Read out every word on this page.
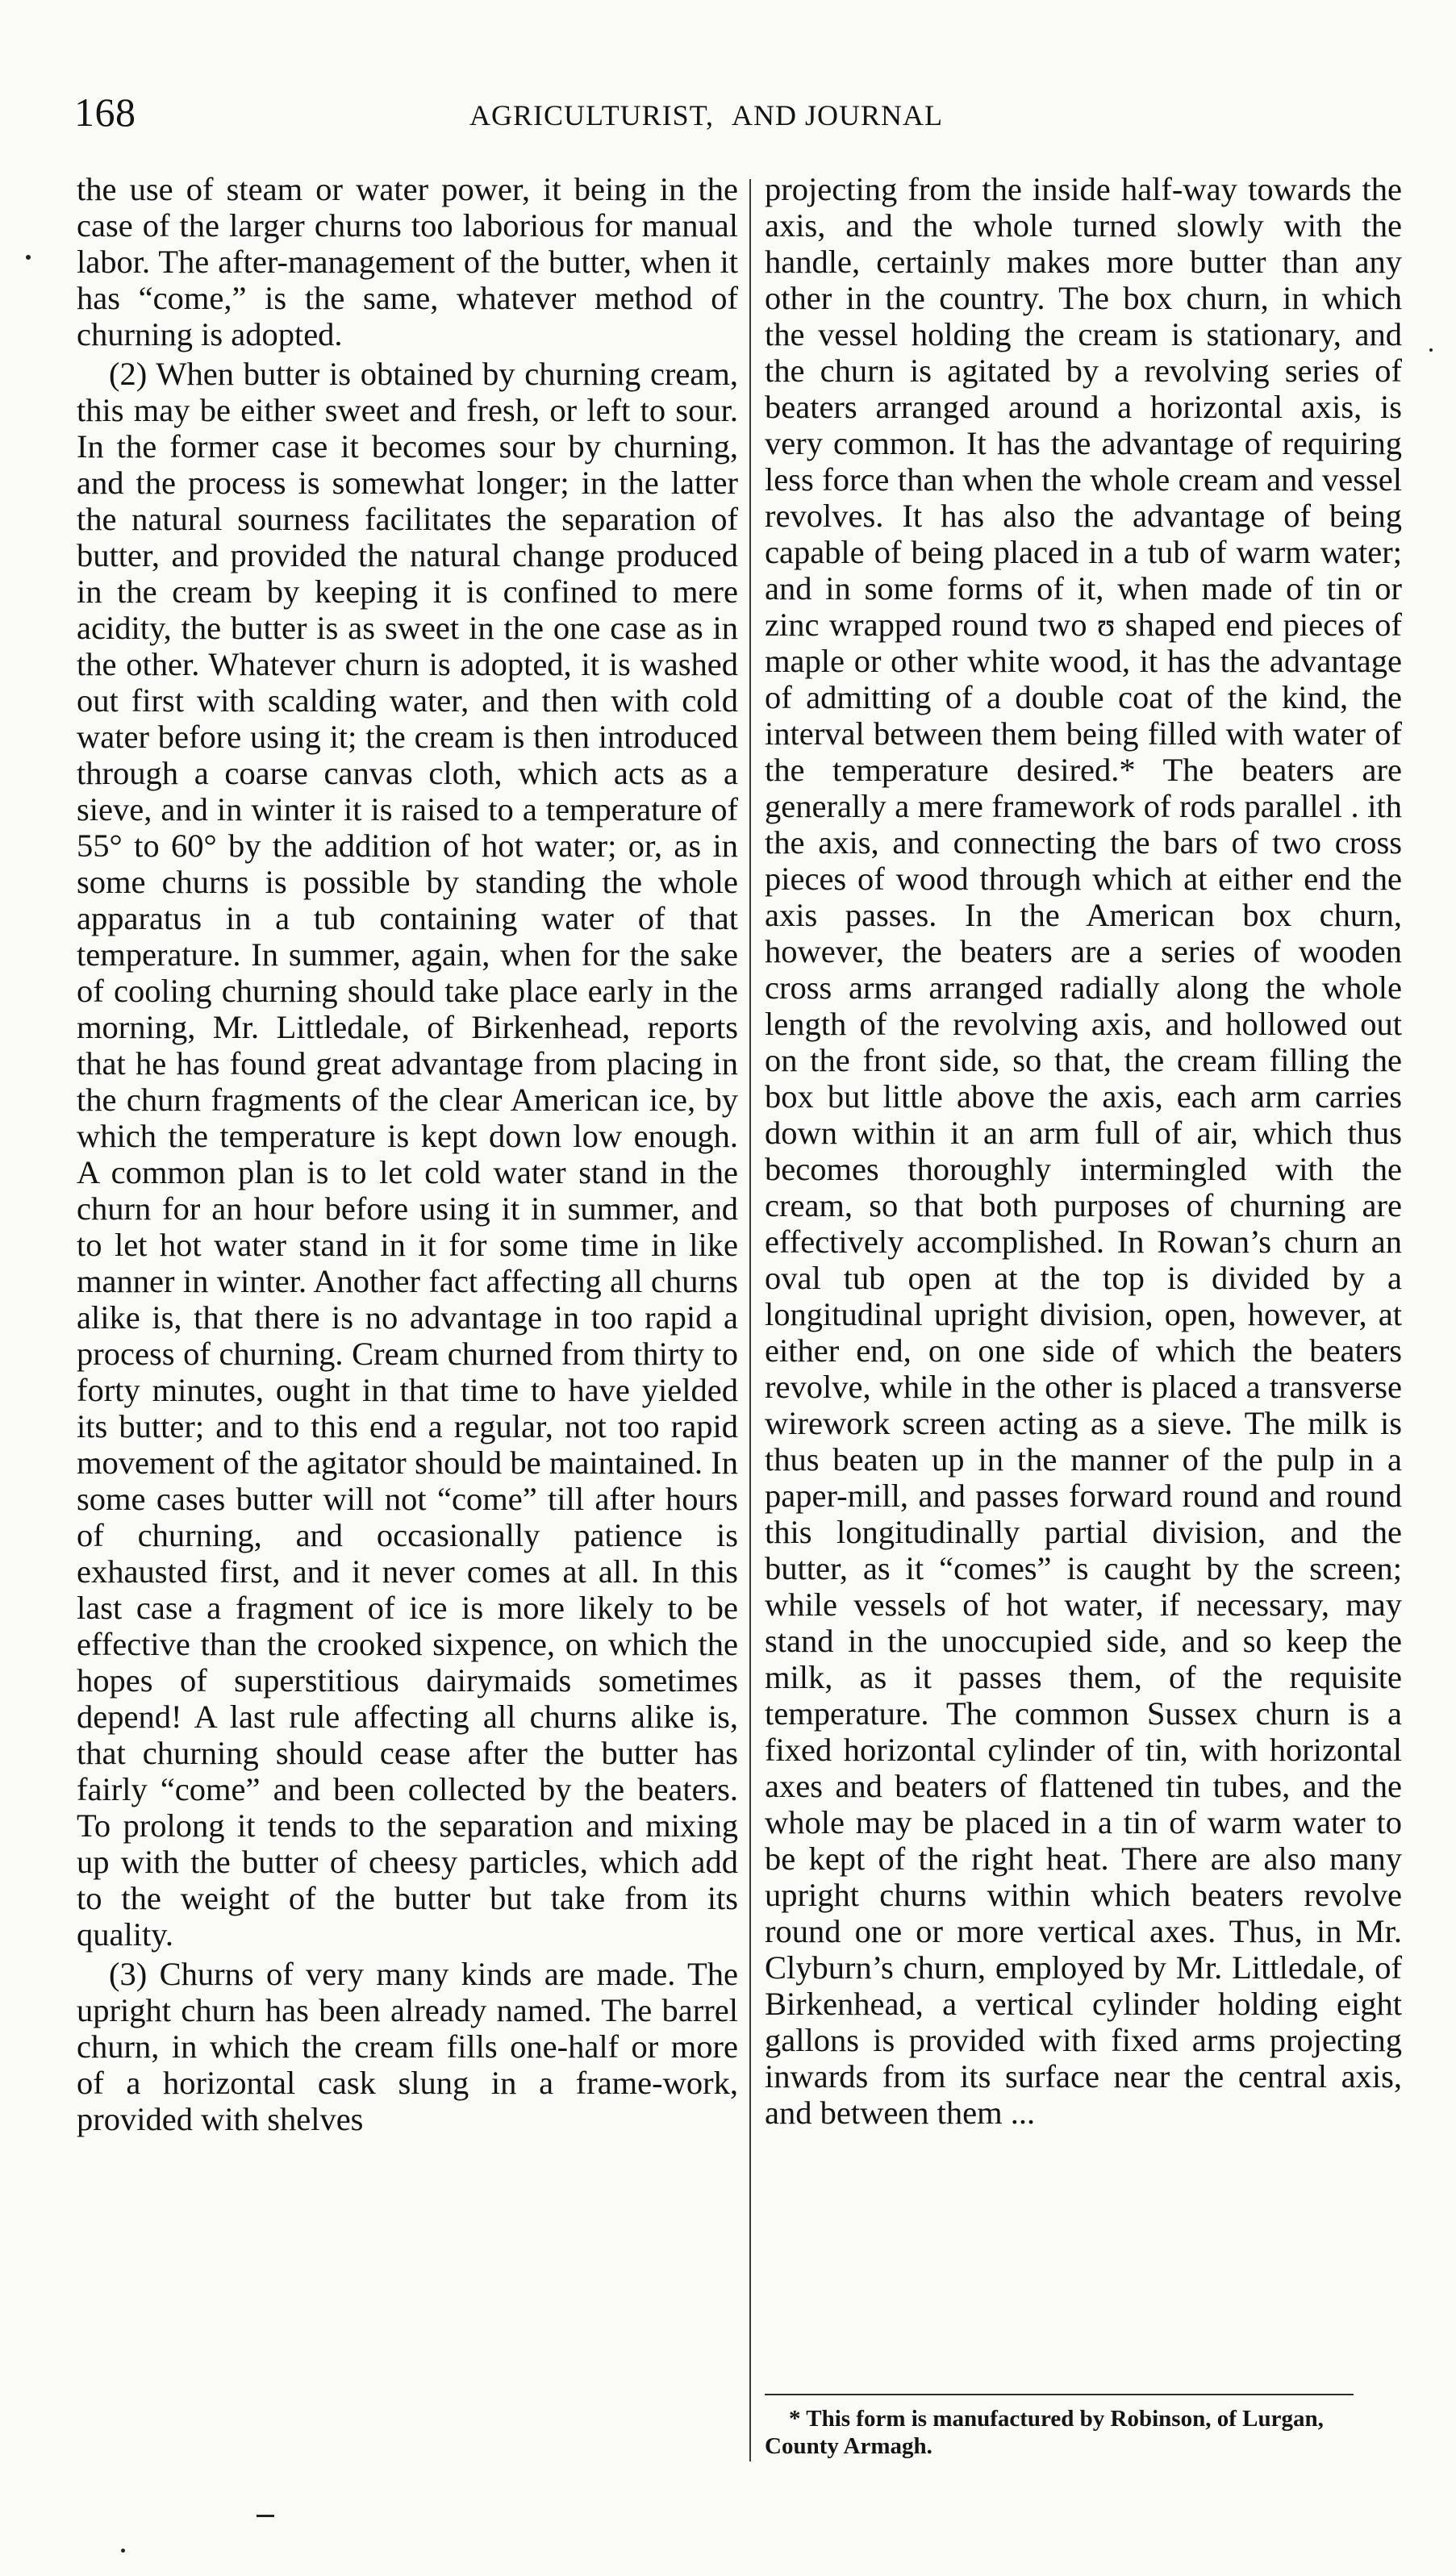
168	AGRICULTURIST, AND JOURNAL

the use of steam or water power, it being in the case of the larger churns too laborious for manual labor. The after-management of the butter, when it has “come,” is the same, whatever method of churning is adopted.

(2) When butter is obtained by churning cream, this may be either sweet and fresh, or left to sour. In the former case it becomes sour by churning, and the process is somewhat longer; in the latter the natural sourness facilitates the separation of butter, and provided the natural change produced in the cream by keeping it is confined to mere acidity, the butter is as sweet in the one case as in the other. Whatever churn is adopted, it is washed out first with scalding water, and then with cold water before using it; the cream is then introduced through a coarse canvas cloth, which acts as a sieve, and in winter it is raised to a temperature of 55° to 60° by the addition of hot water; or, as in some churns is possible by standing the whole apparatus in a tub containing water of that temperature. In summer, again, when for the sake of cooling churning should take place early in the morning, Mr. Littledale, of Birkenhead, reports that he has found great advantage from placing in the churn fragments of the clear American ice, by which the temperature is kept down low enough. A common plan is to let cold water stand in the churn for an hour before using it in summer, and to let hot water stand in it for some time in like manner in winter. Another fact affecting all churns alike is, that there is no advantage in too rapid a process of churning. Cream churned from thirty to forty minutes, ought in that time to have yielded its butter; and to this end a regular, not too rapid movement of the agitator should be maintained. In some cases butter will not “come” till after hours of churning, and occasionally patience is exhausted first, and it never comes at all. In this last case a fragment of ice is more likely to be effective than the crooked sixpence, on which the hopes of superstitious dairymaids sometimes depend! A last rule affecting all churns alike is, that churning should cease after the butter has fairly “come” and been collected by the beaters. To prolong it tends to the separation and mixing up with the butter of cheesy particles, which add to the weight of the butter but take from its quality.

(3) Churns of very many kinds are made. The upright churn has been already named. The barrel churn, in which the cream fills one-half or more of a horizontal cask slung in a frame-work, provided with shelves

projecting from the inside half-way towards the axis, and the whole turned slowly with the handle, certainly makes more butter than any other in the country. The box churn, in which the vessel holding the cream is stationary, and the churn is agitated by a revolving series of beaters arranged around a horizontal axis, is very common. It has the advantage of requiring less force than when the whole cream and vessel revolves. It has also the advantage of being capable of being placed in a tub of warm water; and in some forms of it, when made of tin or zinc wrapped round two ʊ shaped end pieces of maple or other white wood, it has the advantage of admitting of a double coat of the kind, the interval between them being filled with water of the temperature desired.* The beaters are generally a mere framework of rods parallel . ith the axis, and connecting the bars of two cross pieces of wood through which at either end the axis passes. In the American box churn, however, the beaters are a series of wooden cross arms arranged radially along the whole length of the revolving axis, and hollowed out on the front side, so that, the cream filling the box but little above the axis, each arm carries down within it an arm full of air, which thus becomes thoroughly intermingled with the cream, so that both purposes of churning are effectively accomplished. In Rowan’s churn an oval tub open at the top is divided by a longitudinal upright division, open, however, at either end, on one side of which the beaters revolve, while in the other is placed a transverse wirework screen acting as a sieve. The milk is thus beaten up in the manner of the pulp in a paper-mill, and passes forward round and round this longitudinally partial division, and the butter, as it “comes” is caught by the screen; while vessels of hot water, if necessary, may stand in the unoccupied side, and so keep the milk, as it passes them, of the requisite temperature. The common Sussex churn is a fixed horizontal cylinder of tin, with horizontal axes and beaters of flattened tin tubes, and the whole may be placed in a tin of warm water to be kept of the right heat. There are also many upright churns within which beaters revolve round one or more vertical axes. Thus, in Mr. Clyburn’s churn, employed by Mr. Littledale, of Birkenhead, a vertical cylinder holding eight gallons is provided with fixed arms projecting inwards from its surface near the central axis, and between them ...

* This form is manufactured by Robinson, of Lurgan, County Armagh.
